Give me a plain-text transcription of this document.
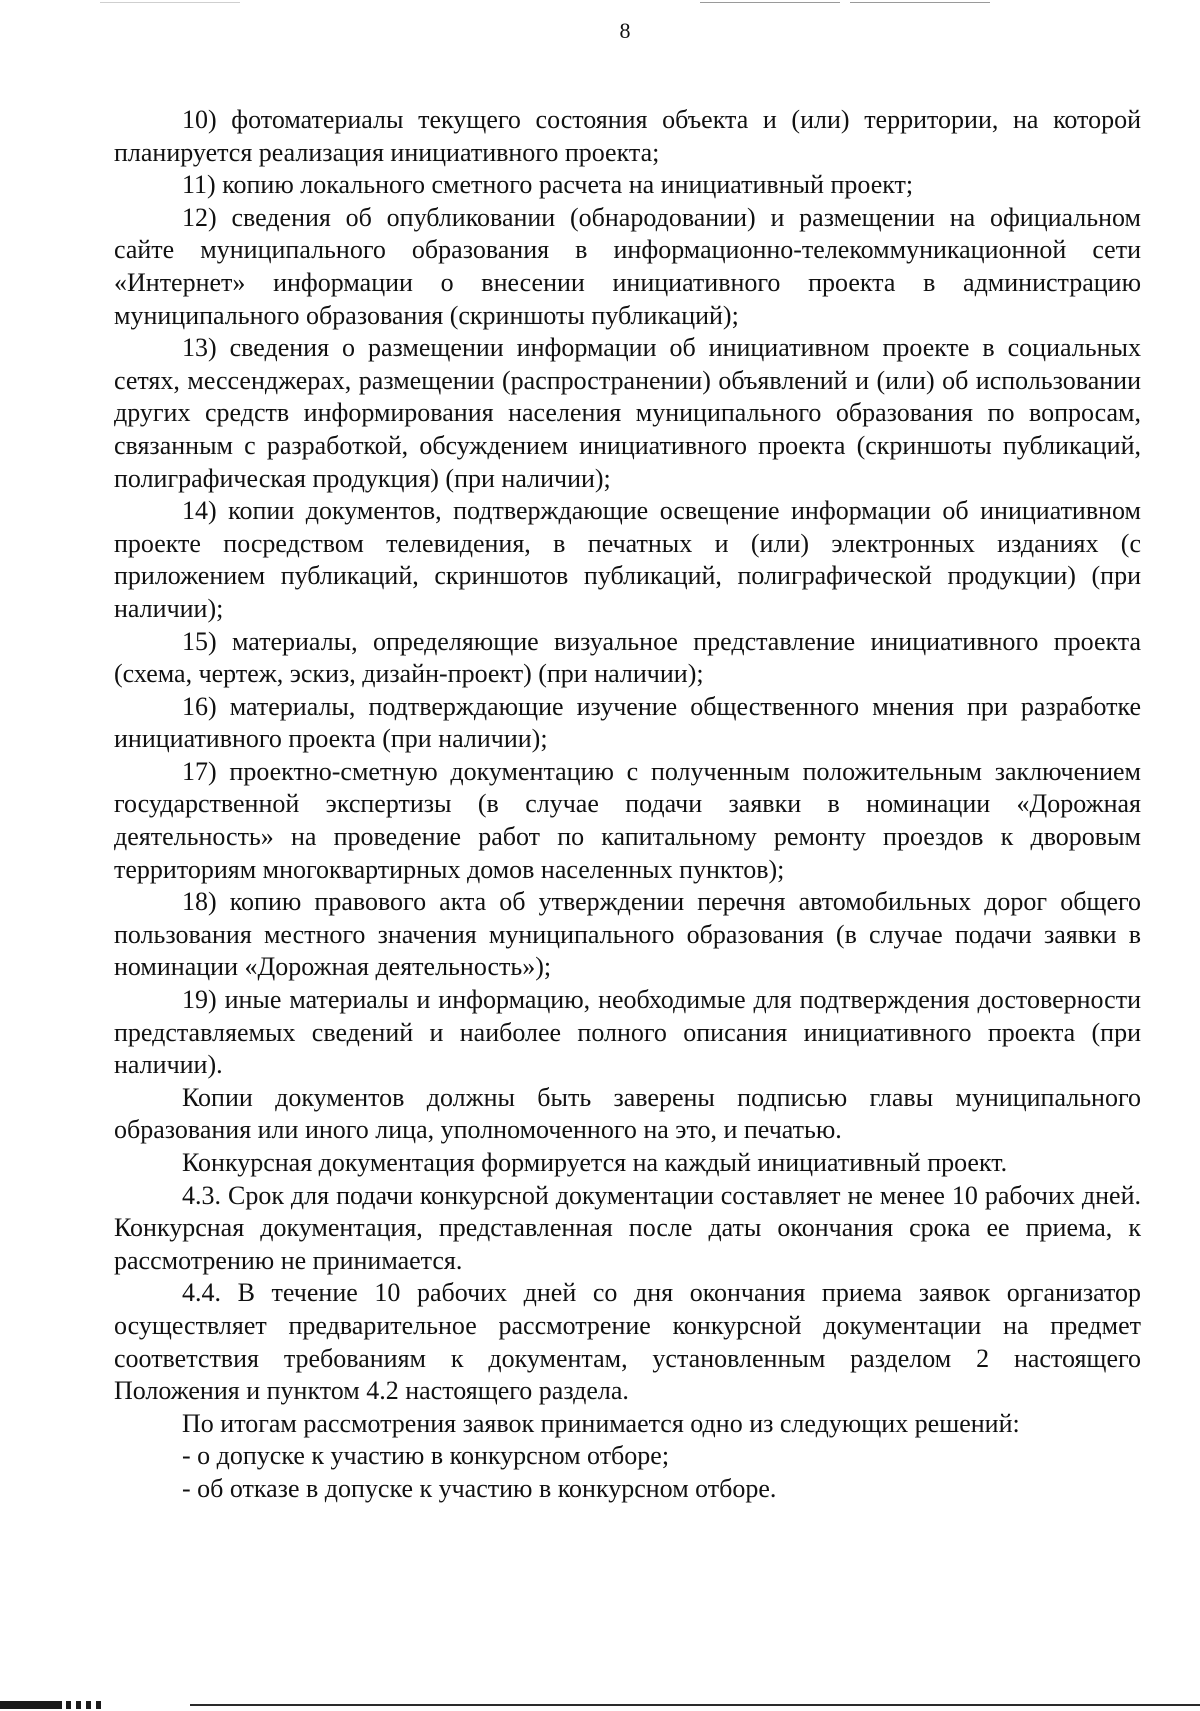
8

10) фотоматериалы текущего состояния объекта и (или) территории, на которой планируется реализация инициативного проекта;

11) копию локального сметного расчета на инициативный проект;

12) сведения об опубликовании (обнародовании) и размещении на официальном сайте муниципального образования в информационно-телекоммуникационной сети «Интернет» информации о внесении инициативного проекта в администрацию муниципального образования (скриншоты публикаций);

13) сведения о размещении информации об инициативном проекте в социальных сетях, мессенджерах, размещении (распространении) объявлений и (или) об использовании других средств информирования населения муниципального образования по вопросам, связанным с разработкой, обсуждением инициативного проекта (скриншоты публикаций, полиграфическая продукция) (при наличии);

14) копии документов, подтверждающие освещение информации об инициативном проекте посредством телевидения, в печатных и (или) электронных изданиях (с приложением публикаций, скриншотов публикаций, полиграфической продукции) (при наличии);

15) материалы, определяющие визуальное представление инициативного проекта (схема, чертеж, эскиз, дизайн-проект) (при наличии);

16) материалы, подтверждающие изучение общественного мнения при разработке инициативного проекта (при наличии);

17) проектно-сметную документацию с полученным положительным заключением государственной экспертизы (в случае подачи заявки в номинации «Дорожная деятельность» на проведение работ по капитальному ремонту проездов к дворовым территориям многоквартирных домов населенных пунктов);

18) копию правового акта об утверждении перечня автомобильных дорог общего пользования местного значения муниципального образования (в случае подачи заявки в номинации «Дорожная деятельность»);

19) иные материалы и информацию, необходимые для подтверждения достоверности представляемых сведений и наиболее полного описания инициативного проекта (при наличии).

Копии документов должны быть заверены подписью главы муниципального образования или иного лица, уполномоченного на это, и печатью.

Конкурсная документация формируется на каждый инициативный проект.

4.3. Срок для подачи конкурсной документации составляет не менее 10 рабочих дней. Конкурсная документация, представленная после даты окончания срока ее приема, к рассмотрению не принимается.

4.4. В течение 10 рабочих дней со дня окончания приема заявок организатор осуществляет предварительное рассмотрение конкурсной документации на предмет соответствия требованиям к документам, установленным разделом 2 настоящего Положения и пунктом 4.2 настоящего раздела.

По итогам рассмотрения заявок принимается одно из следующих решений:

- о допуске к участию в конкурсном отборе;

- об отказе в допуске к участию в конкурсном отборе.
